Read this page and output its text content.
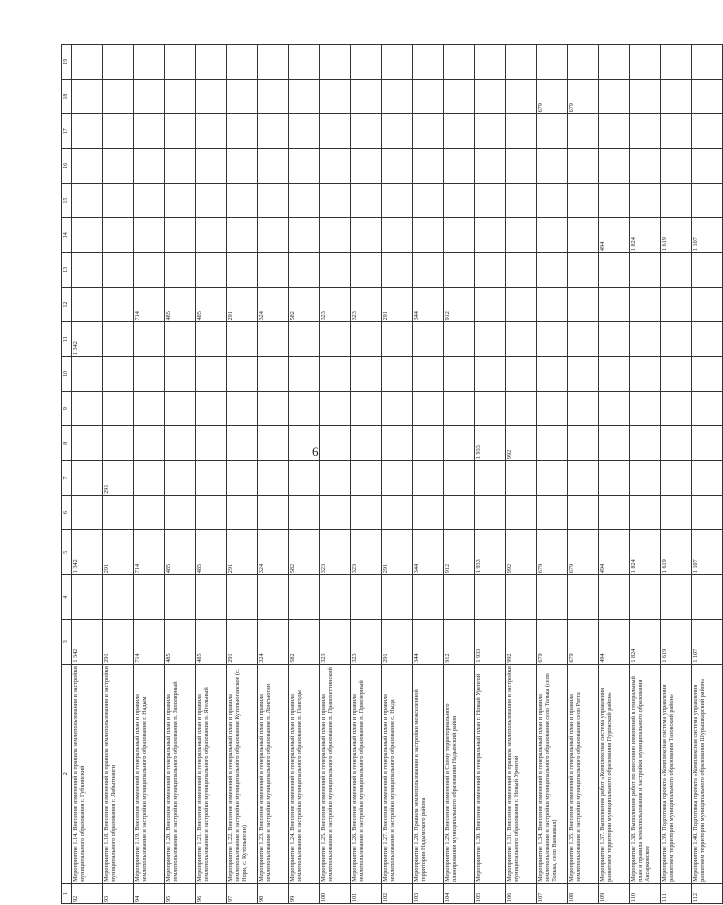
6
1	2	3	4	5	6	7	8	9	10	11	12	13	14	15	16	17	18	19
92	Мероприятие 1.14. Внесение изменений в правила землепользования и застройки муниципального образования г. Губкинский	1 342		1 342						1 342								
93	Мероприятие 1.18. Внесение изменений в правила землепользования и застройки муниципального образования г. Лабытнанги	291		291		291												
94	Мероприятие 1.19. Внесение изменений в генеральный план и правила землепользования и застройки муниципального образования г. Надым	714		714							714							
95	Мероприятие 1.20. Внесение изменений в генеральный план и правила землепользования и застройки муниципального образования п. Заполярный	485		485							485							
96	Мероприятие 1.21. Внесение изменений в генеральный план и правила землепользования и застройки муниципального образования п. Ягельный	485		485							485							
97	Мероприятие 1.22. Внесение изменений в генеральный план и правила землепользования и застройки муниципального образования Кутопьюганское (с. Нори, с. Кутопьюган)	291		291							291							
98	Мероприятие 1.23. Внесение изменений в генеральный план и правила землепользования и застройки муниципального образования п. Лонгъюган	324		324							324							
99	Мероприятие 1.24. Внесение изменений в генеральный план и правила землепользования и застройки муниципального образования п. Пангоды	582		582							582							
100	Мероприятие 1.25. Внесение изменений в генеральный план и правила землепользования и застройки муниципального образования п. Правохеттинский	323		323							323							
101	Мероприятие 1.26. Внесение изменений в генеральный план и правила землепользования и застройки муниципального образования п. Приозерный	323		323							323							
102	Мероприятие 1.27. Внесение изменений в генеральный план и правила землепользования и застройки муниципального образования с. Ныда	291		291							291							
103	Мероприятие 1.28. Правила землепользования и застройки межселенной территории Надымского района	344		344							344							
104	Мероприятие 1.29. Внесение изменений в Схему территориального планирования муниципального образования Надымский район	912		912							912							
105	Мероприятие 1.30. Внесение изменений в генеральный план г. Новый Уренгой	1 933		1 933			1 933											
106	Мероприятие 1.31. Внесение изменений в правила землепользования и застройки муниципального образования г. Новый Уренгой	992		992			992											
107	Мероприятие 1.34. Внесение изменений в генеральный план и правила землепользования и застройки муниципального образования село Толька (село Толька, село Ванкавыл)	679		679													679	
108	Мероприятие 1.35. Внесение изменений в генеральный план и правила землепользования и застройки муниципального образования село Ратта	679		679													679	
109	Мероприятие 1.37. Выполнение работ «Комплексная система управления развитием территории муниципального образования Пуровский район»	494		494									494					
110	Мероприятие 1.38. Выполнение работ по внесению изменений в генеральный план и правила землепользования и застройки муниципального образования Аксарковское	1 824		1 824									1 824					
111	Мероприятие 1.39. Подготовка проекта «Комплексная система управления развитием территории муниципального образования Тазовский район»	1 619		1 619									1 619					
112	Мероприятие 1.40. Подготовка проекта «Комплексная система управления развитием территории муниципального образования Шурышкарский район»	1 107		1 107									1 107					
